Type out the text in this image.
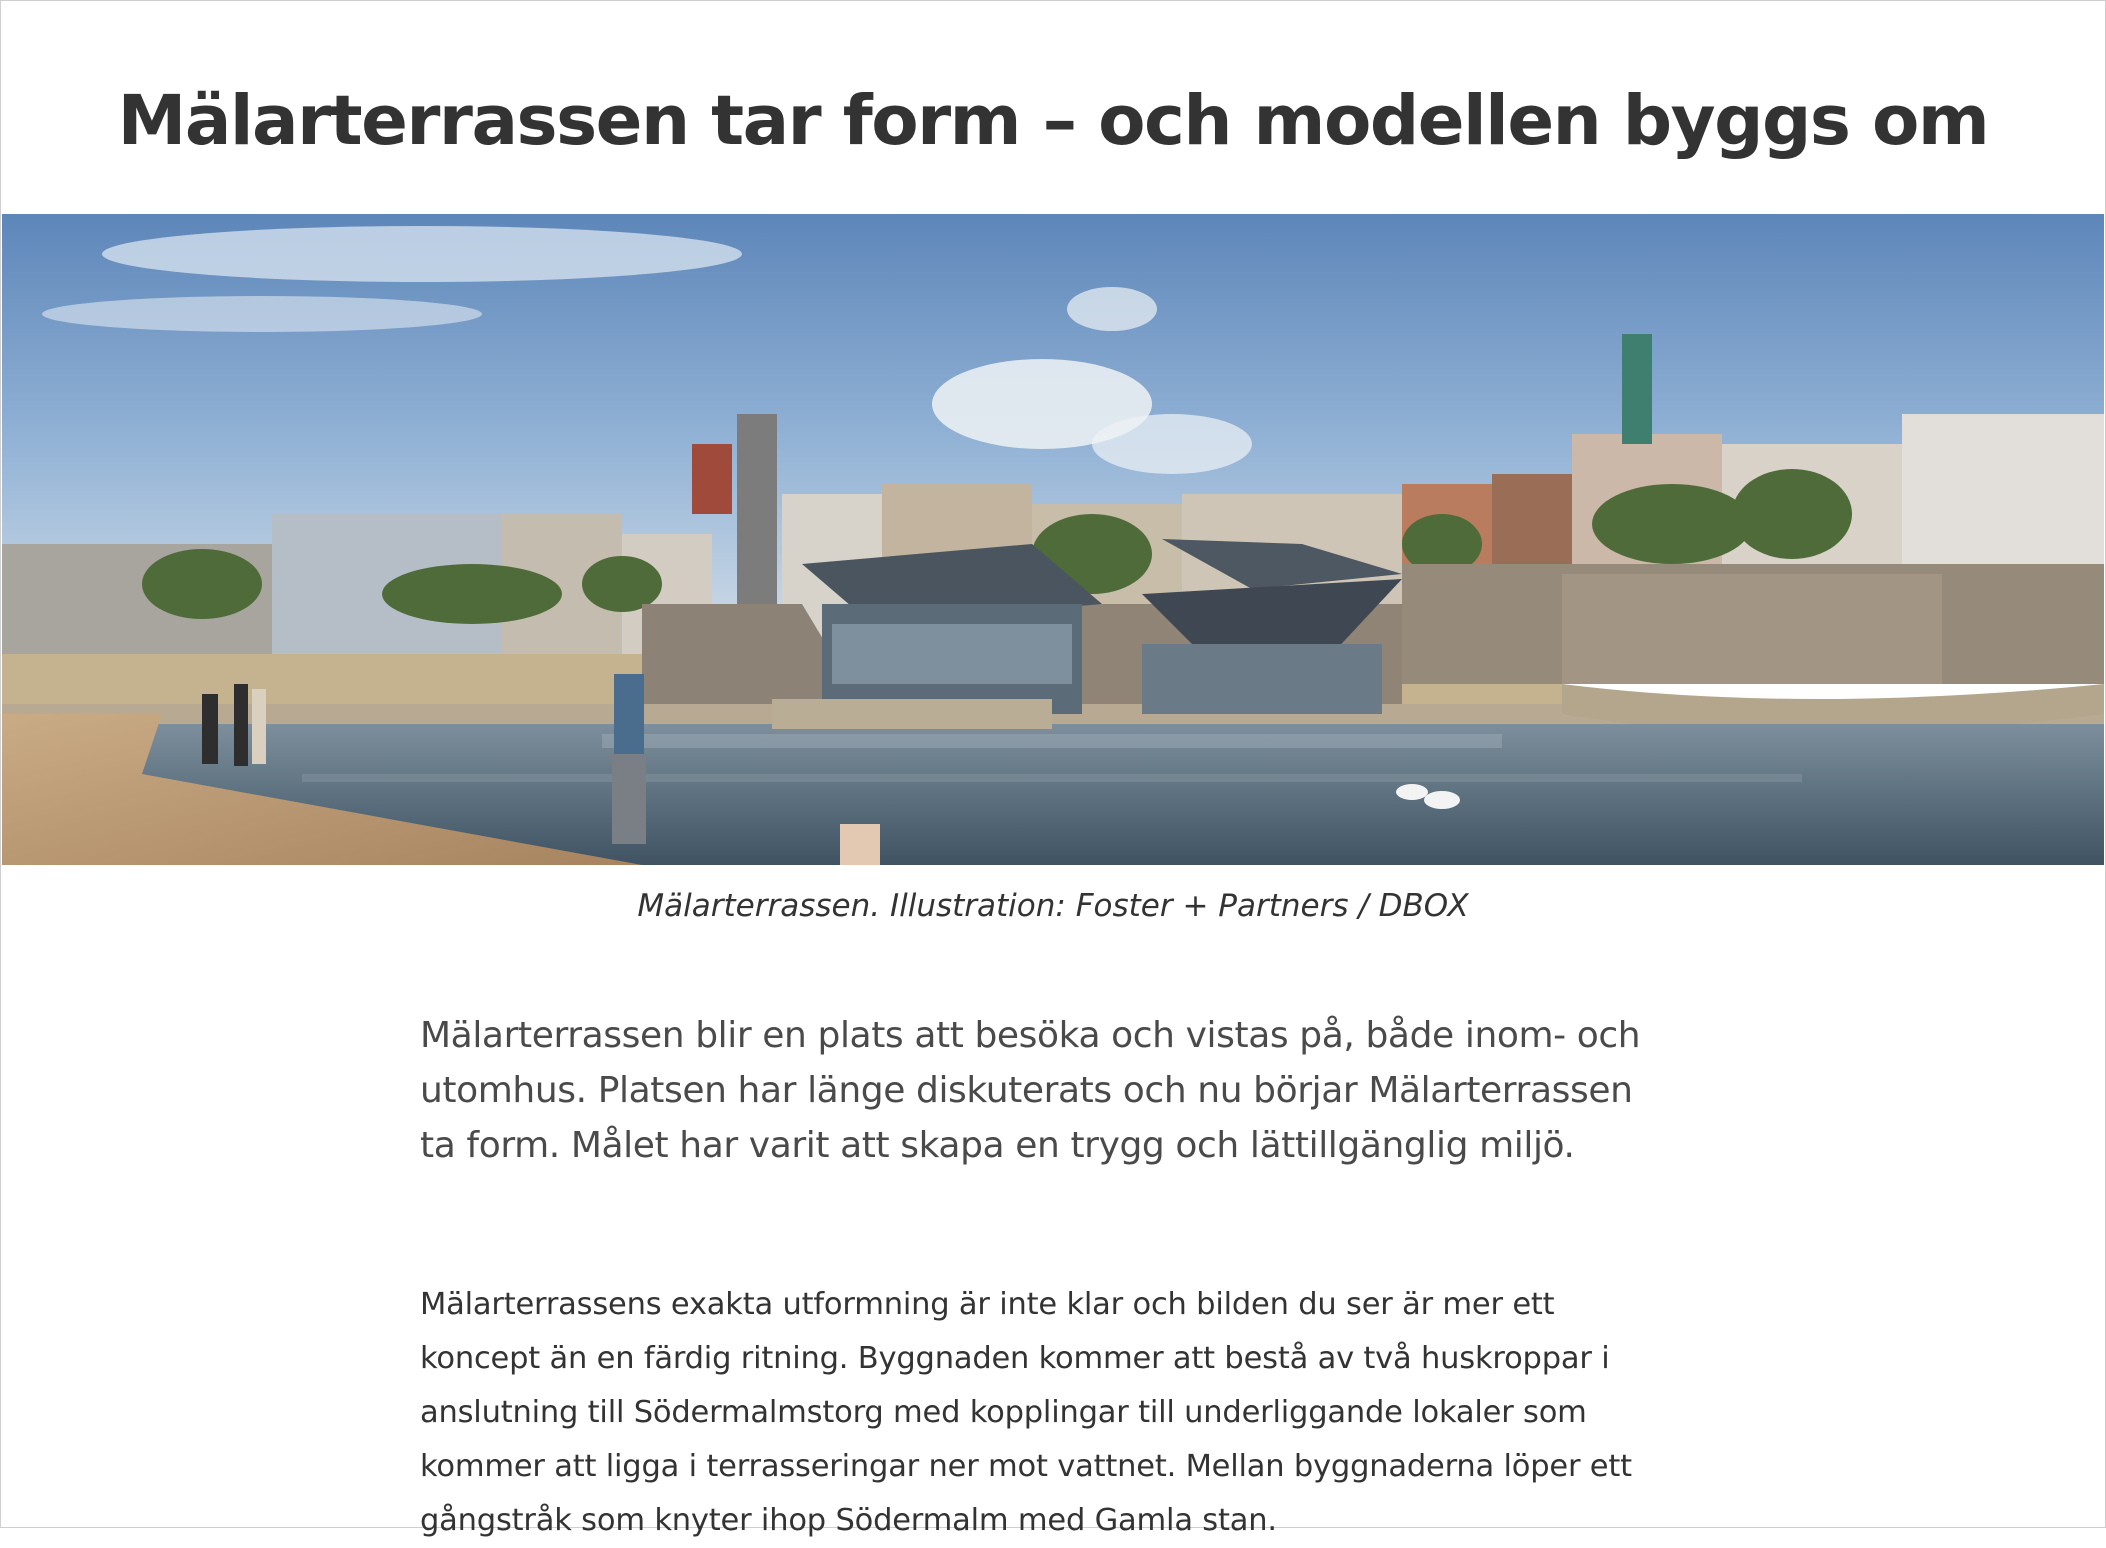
Mälarterrassen tar form – och modellen byggs om

Mälarterrassen. Illustration: Foster + Partners / DBOX

Mälarterrassen blir en plats att besöka och vistas på, både inom- och
utomhus. Platsen har länge diskuterats och nu börjar Mälarterrassen
ta form. Målet har varit att skapa en trygg och lättillgänglig miljö.
Mälarterrassens exakta utformning är inte klar och bilden du ser är mer ett
koncept än en färdig ritning. Byggnaden kommer att bestå av två huskroppar i
anslutning till Södermalmstorg med kopplingar till underliggande lokaler som
kommer att ligga i terrasseringar ner mot vattnet. Mellan byggnaderna löper ett
gångstråk som knyter ihop Södermalm med Gamla stan.
